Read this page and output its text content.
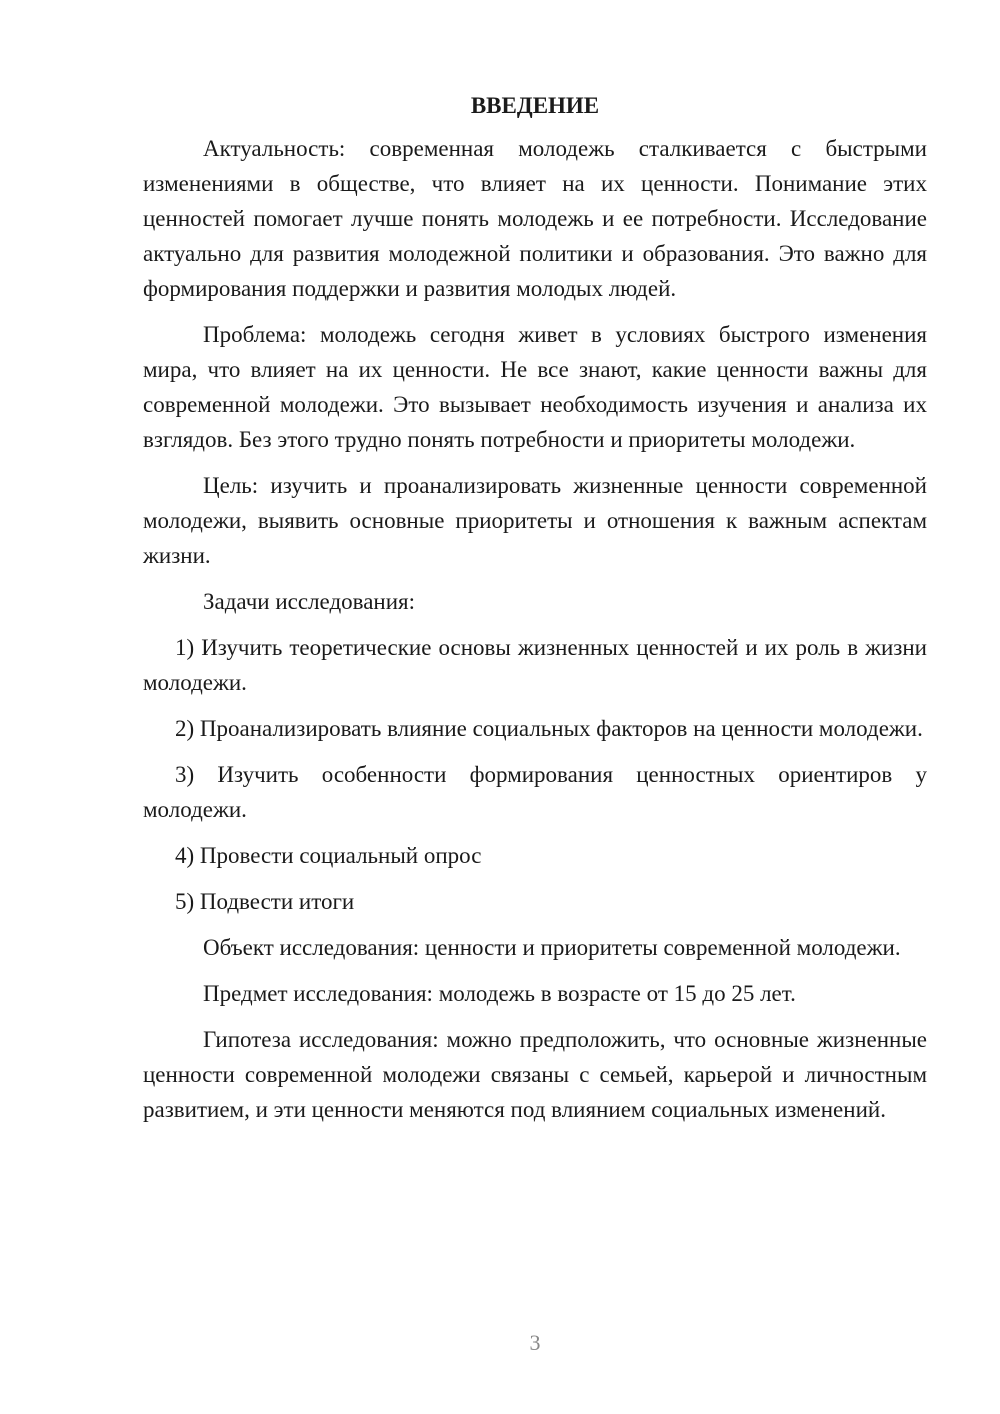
ВВЕДЕНИЕ

Актуальность: современная молодежь сталкивается с быстрыми изменениями в обществе, что влияет на их ценности. Понимание этих ценностей помогает лучше понять молодежь и ее потребности. Исследование актуально для развития молодежной политики и образования. Это важно для формирования поддержки и развития молодых людей.

Проблема: молодежь сегодня живет в условиях быстрого изменения мира, что влияет на их ценности. Не все знают, какие ценности важны для современной молодежи. Это вызывает необходимость изучения и анализа их взглядов. Без этого трудно понять потребности и приоритеты молодежи.

Цель: изучить и проанализировать жизненные ценности современной молодежи, выявить основные приоритеты и отношения к важным аспектам жизни.

Задачи исследования:

1) Изучить теоретические основы жизненных ценностей и их роль в жизни молодежи.

2) Проанализировать влияние социальных факторов на ценности молодежи.

3) Изучить особенности формирования ценностных ориентиров у молодежи.

4) Провести социальный опрос

5) Подвести итоги

Объект исследования: ценности и приоритеты современной молодежи.

Предмет исследования: молодежь в возрасте от 15 до 25 лет.

Гипотеза исследования: можно предположить, что основные жизненные ценности современной молодежи связаны с семьей, карьерой и личностным развитием, и эти ценности меняются под влиянием социальных изменений.

3
